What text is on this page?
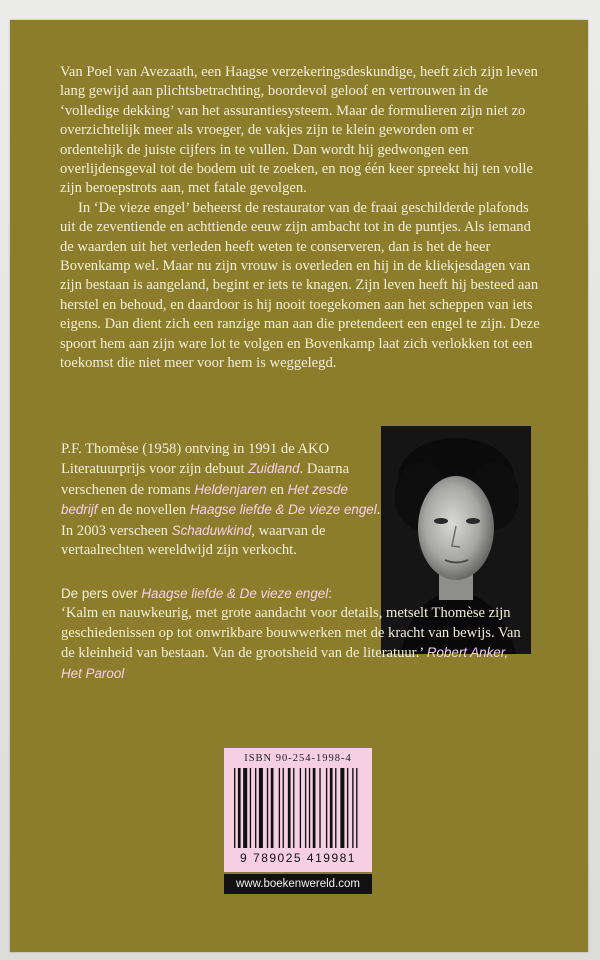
Van Poel van Avezaath, een Haagse verzekeringsdeskundige, heeft zich zijn leven lang gewijd aan plichtsbetrachting, boordevol geloof en vertrouwen in de ‘volledige dekking’ van het assurantiesysteem. Maar de formulieren zijn niet zo overzichtelijk meer als vroeger, de vakjes zijn te klein geworden om er ordentelijk de juiste cijfers in te vullen. Dan wordt hij gedwongen een overlijdensgeval tot de bodem uit te zoeken, en nog één keer spreekt hij ten volle zijn beroepstrots aan, met fatale gevolgen.

In ‘De vieze engel’ beheerst de restaurator van de fraai geschilderde plafonds uit de zeventiende en achttiende eeuw zijn ambacht tot in de puntjes. Als iemand de waarden uit het verleden heeft weten te conserveren, dan is het de heer Bovenkamp wel. Maar nu zijn vrouw is overleden en hij in de kliekjesdagen van zijn bestaan is aangeland, begint er iets te knagen. Zijn leven heeft hij besteed aan herstel en behoud, en daardoor is hij nooit toegekomen aan het scheppen van iets eigens. Dan dient zich een ranzige man aan die pretendeert een engel te zijn. Deze spoort hem aan zijn ware lot te volgen en Bovenkamp laat zich verlokken tot een toekomst die niet meer voor hem is weggelegd.

P.F. Thomèse (1958) ontving in 1991 de AKO Literatuurprijs voor zijn debuut Zuidland. Daarna verschenen de romans Heldenjaren en Het zesde bedrijf en de novellen Haagse liefde & De vieze engel. In 2003 verscheen Schaduwkind, waarvan de vertaalrechten wereldwijd zijn verkocht.
De pers over Haagse liefde & De vieze engel:
‘Kalm en nauwkeurig, met grote aandacht voor details, metselt Thomèse zijn geschiedenissen op tot onwrikbare bouwwerken met de kracht van bewijs. Van de kleinheid van bestaan. Van de grootsheid van de literatuur.’ Robert Anker, Het Parool
ISBN 90-254-1998-4
9 789025 419981
www.boekenwereld.com
